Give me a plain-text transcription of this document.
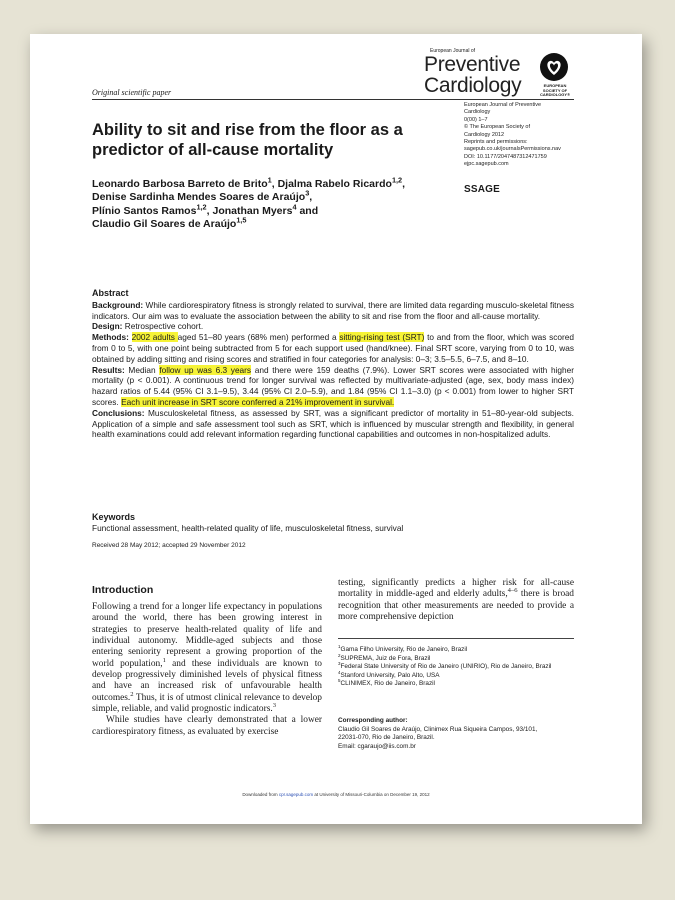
Original scientific paper
European Journal of
Preventive
Cardiology	EUROPEAN
SOCIETY OF
CARDIOLOGY®
European Journal of Preventive
Cardiology
0(00) 1–7
© The European Society of
Cardiology 2012
Reprints and permissions:
sagepub.co.uk/journalsPermissions.nav
DOI: 10.1177/2047487312471759
ejpc.sagepub.com
SSAGE
Ability to sit and rise from the floor as a predictor of all-cause mortality
Leonardo Barbosa Barreto de Brito$^1$, Djalma Rabelo Ricardo$^{1,2}$,
Denise Sardinha Mendes Soares de Araújo$^3$,
Plínio Santos Ramos$^{1,2}$, Jonathan Myers$^4$ and
Claudio Gil Soares de Araújo$^{1,5}$
Abstract

Background: While cardiorespiratory fitness is strongly related to survival, there are limited data regarding musculo-skeletal fitness indicators. Our aim was to evaluate the association between the ability to sit and rise from the floor and all-cause mortality.

Design: Retrospective cohort.

Methods: 2002 adults aged 51–80 years (68% men) performed a sitting-rising test (SRT) to and from the floor, which was scored from 0 to 5, with one point being subtracted from 5 for each support used (hand/knee). Final SRT score, varying from 0 to 10, was obtained by adding sitting and rising scores and stratified in four categories for analysis: 0–3; 3.5–5.5, 6–7.5, and 8–10.

Results: Median follow up was 6.3 years and there were 159 deaths (7.9%). Lower SRT scores were associated with higher mortality (p < 0.001). A continuous trend for longer survival was reflected by multivariate-adjusted (age, sex, body mass index) hazard ratios of 5.44 (95% CI 3.1–9.5), 3.44 (95% CI 2.0–5.9), and 1.84 (95% CI 1.1–3.0) (p < 0.001) from lower to higher SRT scores. Each unit increase in SRT score conferred a 21% improvement in survival.

Conclusions: Musculoskeletal fitness, as assessed by SRT, was a significant predictor of mortality in 51–80-year-old subjects. Application of a simple and safe assessment tool such as SRT, which is influenced by muscular strength and flexibility, in general health examinations could add relevant information regarding functional capabilities and outcomes in non-hospitalized adults.

Keywords
Functional assessment, health-related quality of life, musculoskeletal fitness, survival
Received 28 May 2012; accepted 29 November 2012
Introduction

Following a trend for a longer life expectancy in populations around the world, there has been growing interest in strategies to preserve health-related quality of life and individual autonomy. Middle-aged subjects and those entering seniority represent a growing proportion of the world population,$^1$ and these individuals are known to develop progressively diminished levels of physical fitness and have an increased risk of unfavourable health outcomes.$^2$ Thus, it is of utmost clinical relevance to develop simple, reliable, and valid prognostic indicators.$^3$

While studies have clearly demonstrated that a lower cardiorespiratory fitness, as evaluated by exercise

testing, significantly predicts a higher risk for all-cause mortality in middle-aged and elderly adults,$^{4-6}$ there is broad recognition that other measurements are needed to provide a more comprehensive depiction
$^1$Gama Filho University, Rio de Janeiro, Brazil
$^2$SUPREMA, Juiz de Fora, Brazil
$^3$Federal State University of Rio de Janeiro (UNIRIO), Rio de Janeiro, Brazil
$^4$Stanford University, Palo Alto, USA
$^5$CLINIMEX, Rio de Janeiro, Brazil
Corresponding author:
Claudio Gil Soares de Araújo, Clinimex Rua Siqueira Campos, 93/101,
22031-070, Rio de Janeiro, Brazil.
Email: cgaraujo@iis.com.br
Downloaded from cpr.sagepub.com at University of Missouri-Columbia on December 19, 2012
